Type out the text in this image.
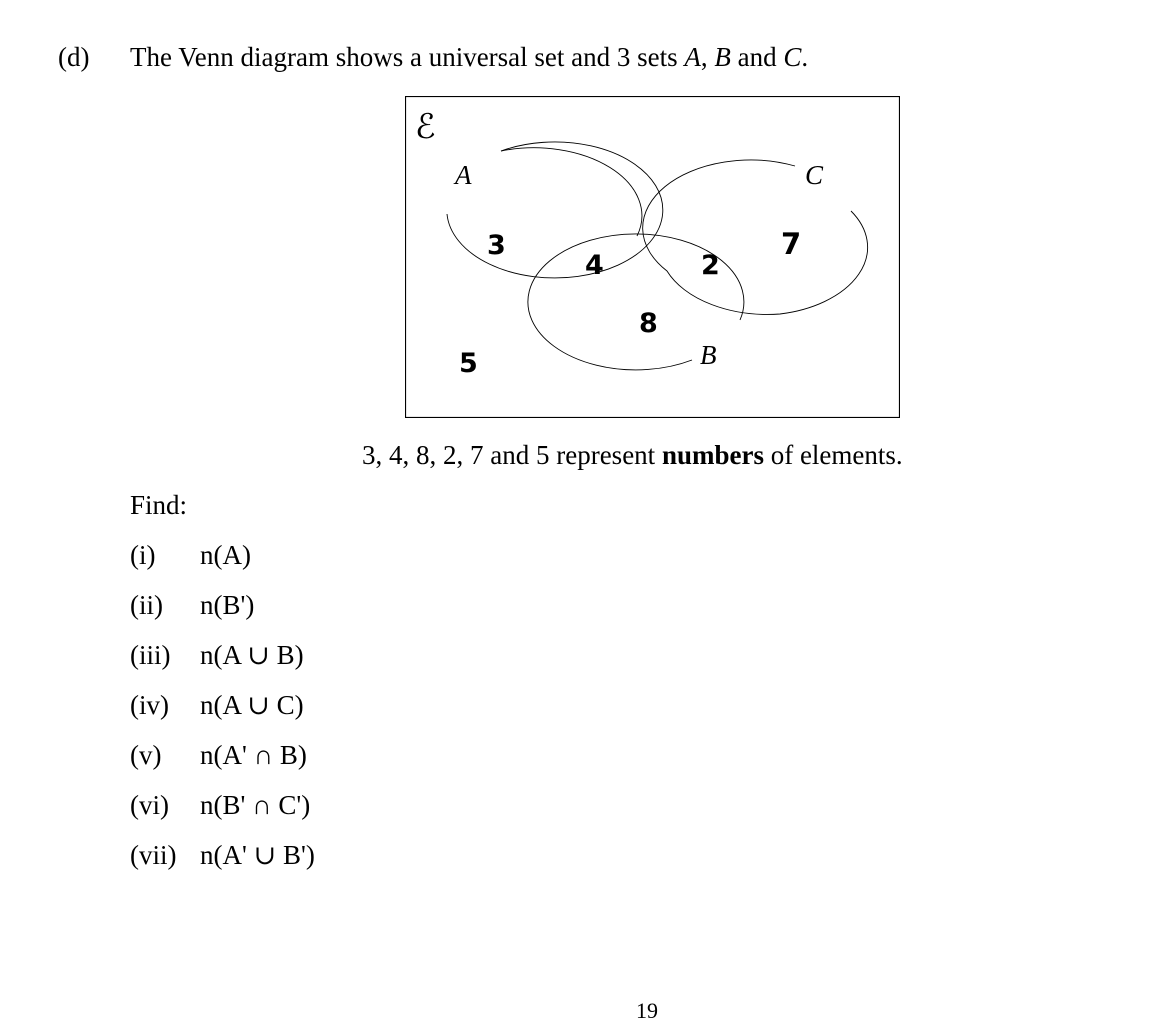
(d) The Venn diagram shows a universal set and 3 sets A, B and C.
ℰ
A	C
B
3
4
8
2
7
5
3, 4, 8, 2, 7 and 5 represent numbers of elements.
Find:
(i) n(A)
(ii) n(B')
(iii) n(A ∪ B)
(iv) n(A ∪ C)
(v) n(A' ∩ B)
(vi) n(B' ∩ C')
(vii) n(A' ∪ B')
19
